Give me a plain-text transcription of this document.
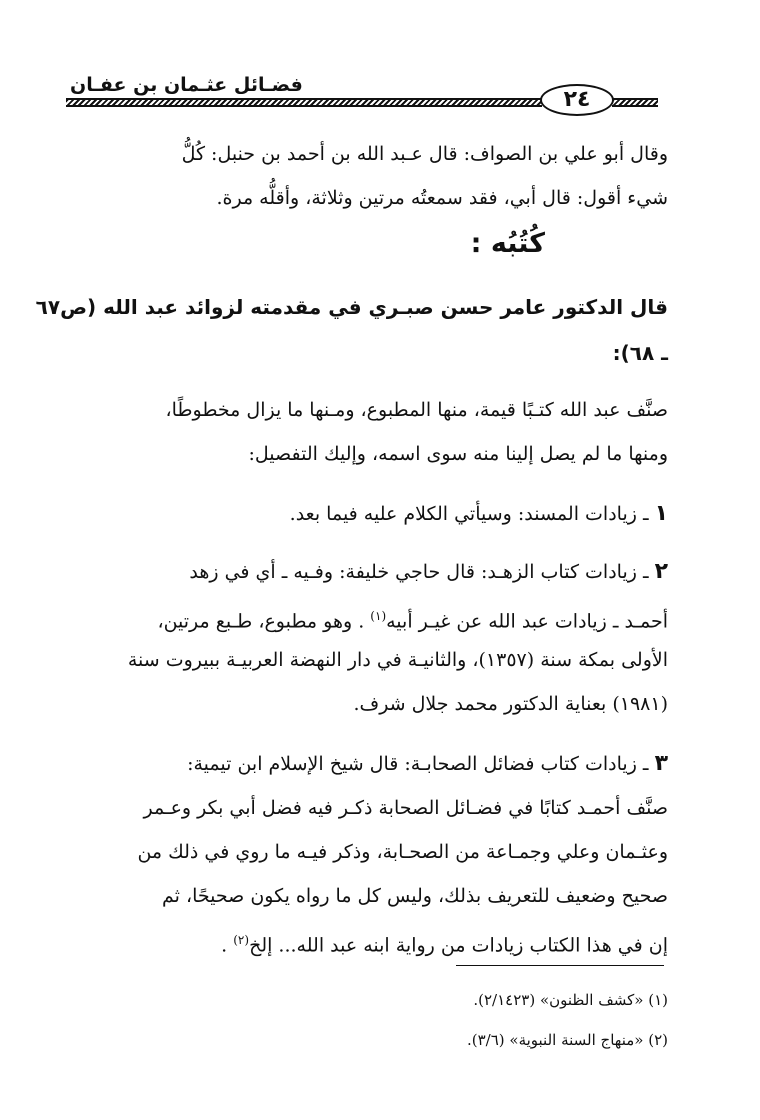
فضـائل عثـمان بن عفـان
٢٤
وقال أبو علي بن الصواف: قال عـبد الله بن أحمد بن حنبل: كُلُّ
شيء أقول: قال أبي، فقد سمعتُه مرتين وثلاثة، وأقلُّه مرة.
كُتُبُه :
قال الدكتور عامر حسن صبـري في مقدمته لزوائد عبد الله (ص٦٧
ـ ٦٨):
صنَّف عبد الله كتـبًا قيمة، منها المطبوع، ومـنها ما يزال مخطوطًا،
ومنها ما لم يصل إلينا منه سوى اسمه، وإليك التفصيل:
١ ـ زيادات المسند: وسيأتي الكلام عليه فيما بعد.
٢ ـ زيادات كتاب الزهـد: قال حاجي خليفة: وفـيه ـ أي في زهد
أحمـد ـ زيادات عبد الله عن غيـر أبيه$^{(١)}$ . وهو مطبوع، طـبع مرتين،
الأولى بمكة سنة (١٣٥٧)، والثانيـة في دار النهضة العربيـة ببيروت سنة
(١٩٨١) بعناية الدكتور محمد جلال شرف.
٣ ـ زيادات كتاب فضائل الصحابـة: قال شيخ الإسلام ابن تيمية:
صنَّف أحمـد كتابًا في فضـائل الصحابة ذكـر فيه فضل أبي بكر وعـمر
وعثـمان وعلي وجمـاعة من الصحـابة، وذكر فيـه ما روي في ذلك من
صحيح وضعيف للتعريف بذلك، وليس كل ما رواه يكون صحيحًا، ثم
إن في هذا الكتاب زيادات من رواية ابنه عبد الله... إلخ$^{(٢)}$ .
(١) «كشف الظنون» (٢/١٤٢٣).
(٢) «منهاج السنة النبوية» (٣/٦).
